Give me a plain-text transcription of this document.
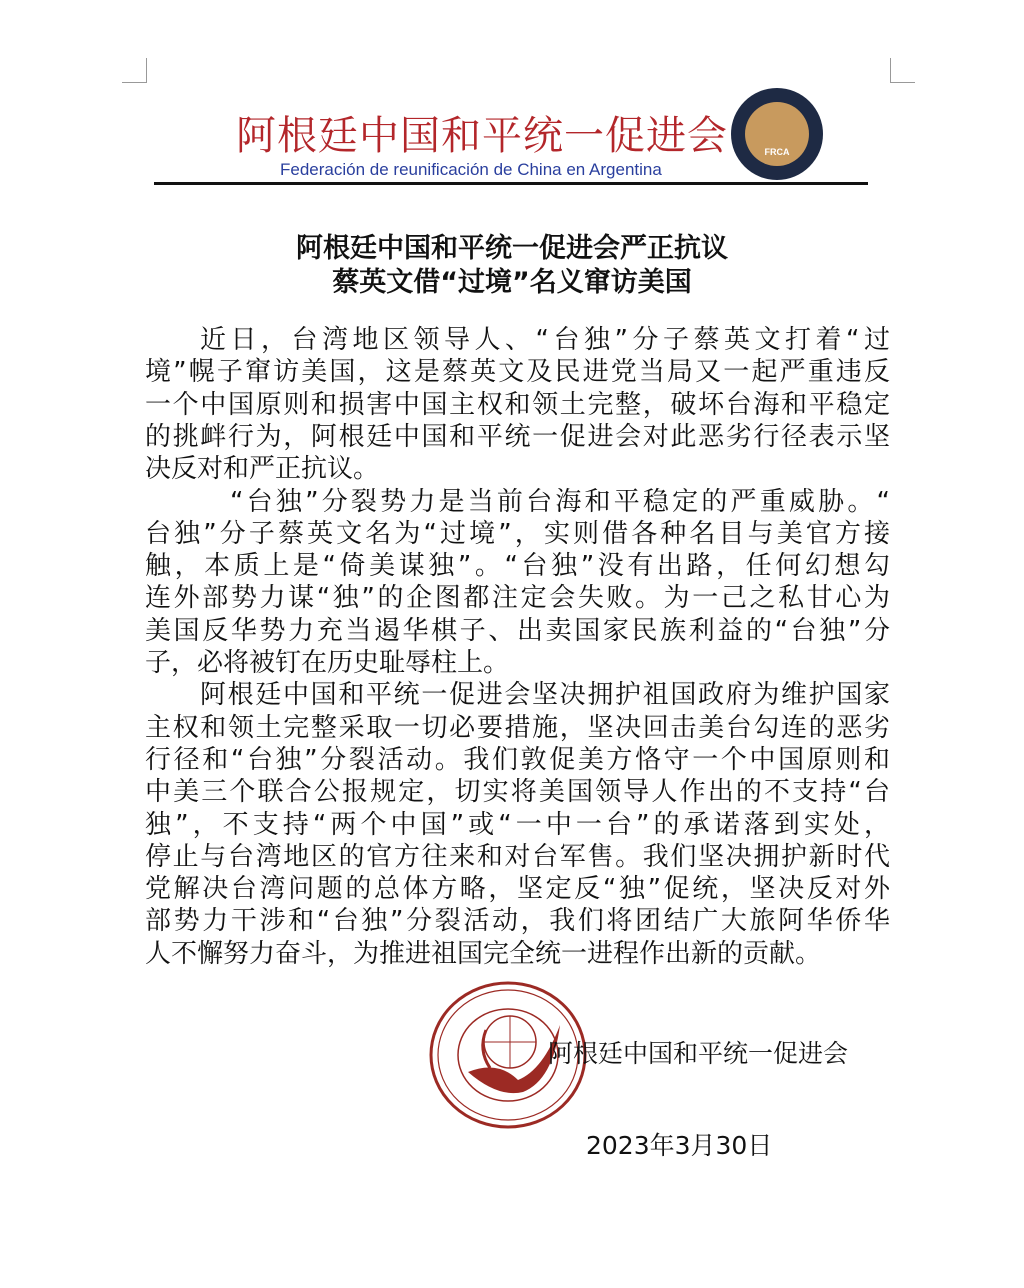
阿根廷中国和平统一促进会
Federación de reunificación de China en Argentina
FRCA
阿根廷中国和平统一促进会严正抗议
蔡英文借“过境”名义窜访美国
近日，台湾地区领导人、“台独”分子蔡英文打着“过
境”幌子窜访美国，这是蔡英文及民进党当局又一起严重违反
一个中国原则和损害中国主权和领土完整，破坏台海和平稳定
的挑衅行为，阿根廷中国和平统一促进会对此恶劣行径表示坚
决反对和严正抗议。
“台独”分裂势力是当前台海和平稳定的严重威胁。“
台独”分子蔡英文名为“过境”，实则借各种名目与美官方接
触，本质上是“倚美谋独”。“台独”没有出路，任何幻想勾
连外部势力谋“独”的企图都注定会失败。为一己之私甘心为
美国反华势力充当遏华棋子、出卖国家民族利益的“台独”分
子，必将被钉在历史耻辱柱上。
阿根廷中国和平统一促进会坚决拥护祖国政府为维护国家
主权和领土完整采取一切必要措施，坚决回击美台勾连的恶劣
行径和“台独”分裂活动。我们敦促美方恪守一个中国原则和
中美三个联合公报规定，切实将美国领导人作出的不支持“台
独”，不支持“两个中国”或“一中一台”的承诺落到实处，
停止与台湾地区的官方往来和对台军售。我们坚决拥护新时代
党解决台湾问题的总体方略，坚定反“独”促统，坚决反对外
部势力干涉和“台独”分裂活动，我们将团结广大旅阿华侨华
人不懈努力奋斗，为推进祖国完全统一进程作出新的贡献。
阿根廷中国和平统一促进会
2023年3月30日
